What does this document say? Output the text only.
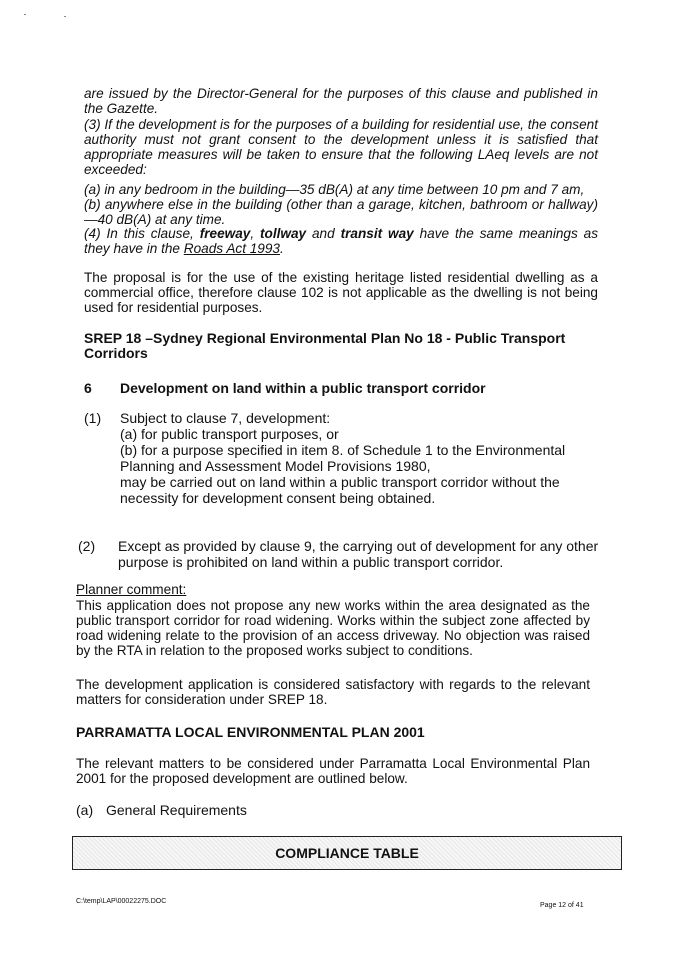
are issued by the Director-General for the purposes of this clause and published in the Gazette.
(3) If the development is for the purposes of a building for residential use, the consent authority must not grant consent to the development unless it is satisfied that appropriate measures will be taken to ensure that the following LAeq levels are not exceeded:
(a) in any bedroom in the building—35 dB(A) at any time between 10 pm and 7 am,
(b) anywhere else in the building (other than a garage, kitchen, bathroom or hallway)—40 dB(A) at any time.
(4) In this clause, freeway, tollway and transit way have the same meanings as they have in the Roads Act 1993.
The proposal is for the use of the existing heritage listed residential dwelling as a commercial office, therefore clause 102 is not applicable as the dwelling is not being used for residential purposes.
SREP 18 –Sydney Regional Environmental Plan No 18 - Public Transport Corridors
6 Development on land within a public transport corridor
(1) Subject to clause 7, development:
(a) for public transport purposes, or
(b) for a purpose specified in item 8. of Schedule 1 to the Environmental
Planning and Assessment Model Provisions 1980,
may be carried out on land within a public transport corridor without the
necessity for development consent being obtained.
(2) Except as provided by clause 9, the carrying out of development for any other
purpose is prohibited on land within a public transport corridor.
Planner comment:
This application does not propose any new works within the area designated as the public transport corridor for road widening. Works within the subject zone affected by road widening relate to the provision of an access driveway. No objection was raised by the RTA in relation to the proposed works subject to conditions.
The development application is considered satisfactory with regards to the relevant matters for consideration under SREP 18.
PARRAMATTA LOCAL ENVIRONMENTAL PLAN 2001
The relevant matters to be considered under Parramatta Local Environmental Plan 2001 for the proposed development are outlined below.
(a) General Requirements
COMPLIANCE TABLE
C:\temp\LAP\00022275.DOC
Page 12 of 41
